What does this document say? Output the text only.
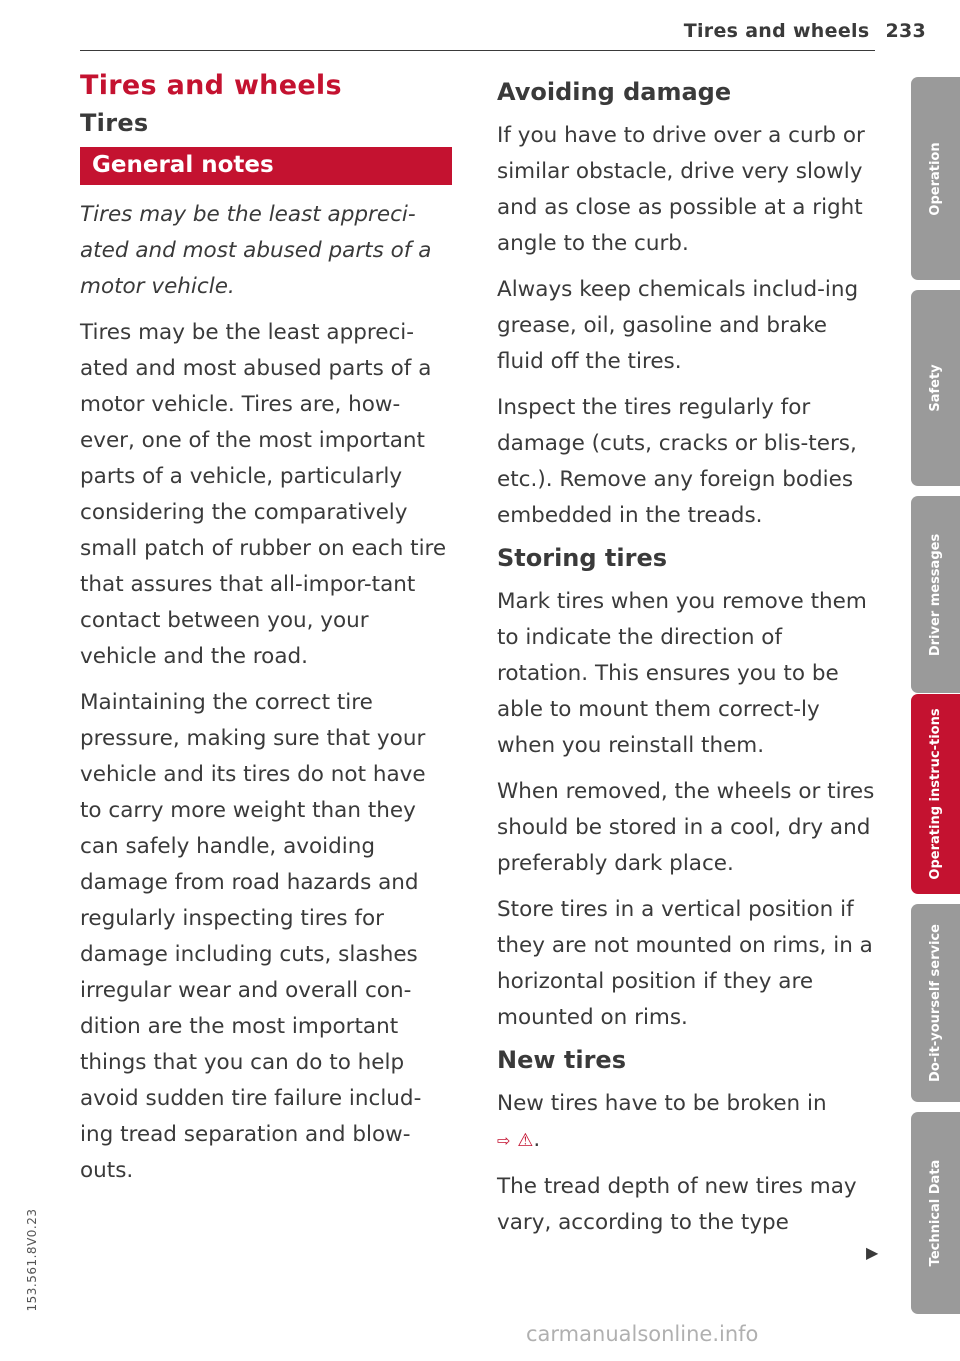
Tires and wheels 233
Tires and wheels
Tires
General notes
Tires may be the least appreci-ated and most abused parts of a motor vehicle.

Tires may be the least appreci-ated and most abused parts of a motor vehicle. Tires are, how-ever, one of the most important parts of a vehicle, particularly considering the comparatively small patch of rubber on each tire that assures that all-impor-tant contact between you, your vehicle and the road.

Maintaining the correct tire pressure, making sure that your vehicle and its tires do not have to carry more weight than they can safely handle, avoiding damage from road hazards and regularly inspecting tires for damage including cuts, slashes irregular wear and overall con-dition are the most important things that you can do to help avoid sudden tire failure includ-ing tread separation and blow-outs.

Avoiding damage

If you have to drive over a curb or similar obstacle, drive very slowly and as close as possible at a right angle to the curb.

Always keep chemicals includ-ing grease, oil, gasoline and brake fluid off the tires.

Inspect the tires regularly for damage (cuts, cracks or blis-ters, etc.). Remove any foreign bodies embedded in the treads.

Storing tires

Mark tires when you remove them to indicate the direction of rotation. This ensures you to be able to mount them correct-ly when you reinstall them.

When removed, the wheels or tires should be stored in a cool, dry and preferably dark place.

Store tires in a vertical position if they are not mounted on rims, in a horizontal position if they are mounted on rims.

New tires

New tires have to be broken in
⇨ ⚠.

The tread depth of new tires may vary, according to the type

▶
153.561.8V0.23
Operation
Safety
Driver messages
Operating instruc-tions
Do-it-yourself service
Technical Data
carmanualsonline.info
